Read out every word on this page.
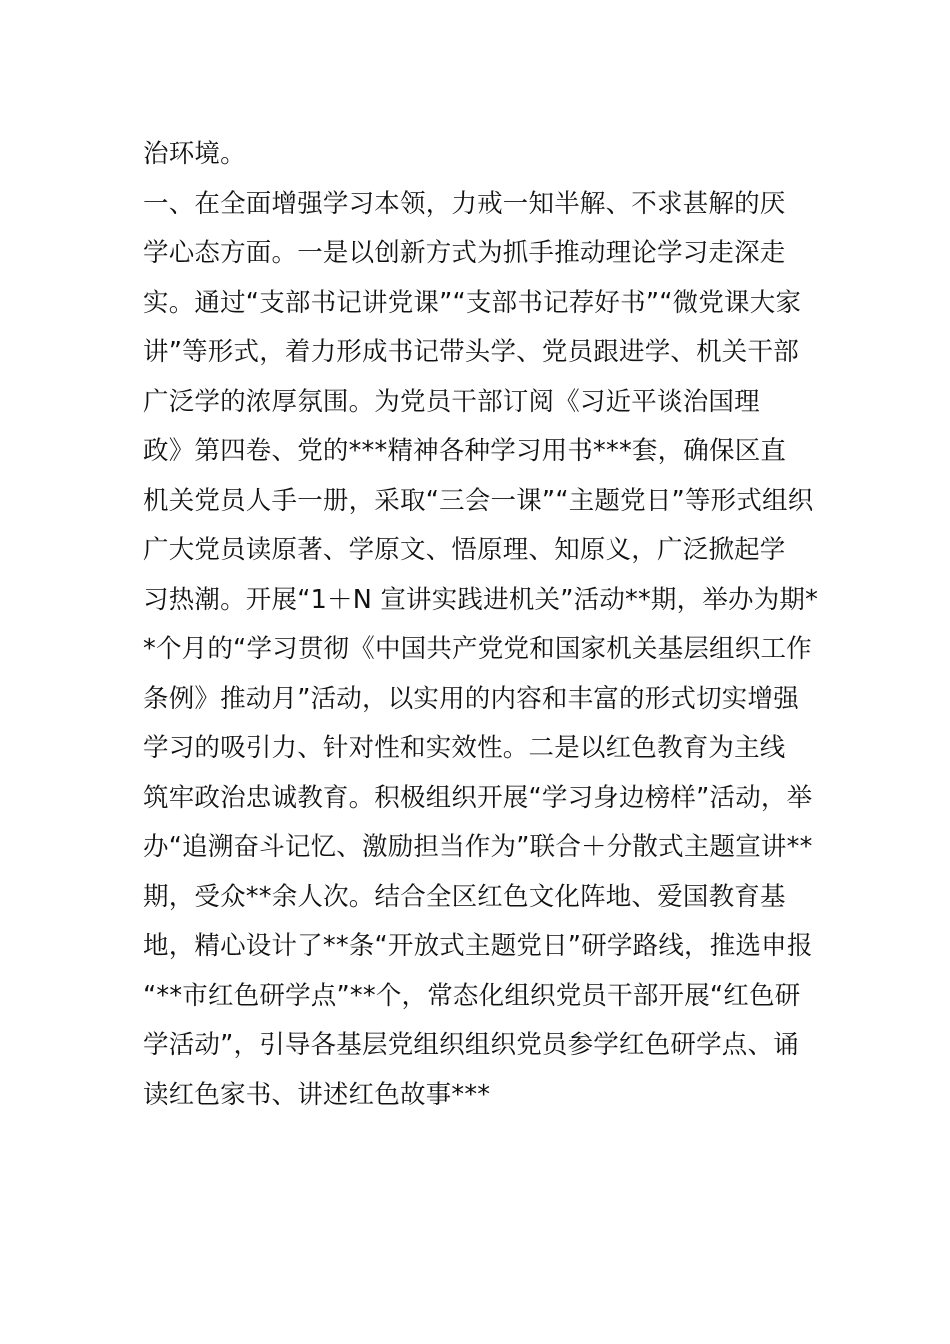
治环境。
一、在全面增强学习本领，力戒一知半解、不求甚解的厌
学心态方面。一是以创新方式为抓手推动理论学习走深走
实。通过“支部书记讲党课”“支部书记荐好书”“微党课大家
讲”等形式，着力形成书记带头学、党员跟进学、机关干部
广泛学的浓厚氛围。为党员干部订阅《习近平谈治国理
政》第四卷、党的***精神各种学习用书***套，确保区直
机关党员人手一册，采取“三会一课”“主题党日”等形式组织
广大党员读原著、学原文、悟原理、知原义，广泛掀起学
习热潮。开展“1＋N 宣讲实践进机关”活动**期，举办为期*
*个月的“学习贯彻《中国共产党党和国家机关基层组织工作
条例》推动月”活动，以实用的内容和丰富的形式切实增强
学习的吸引力、针对性和实效性。二是以红色教育为主线
筑牢政治忠诚教育。积极组织开展“学习身边榜样”活动，举
办“追溯奋斗记忆、激励担当作为”联合＋分散式主题宣讲**
期，受众**余人次。结合全区红色文化阵地、爱国教育基
地，精心设计了**条“开放式主题党日”研学路线，推选申报
“**市红色研学点”**个，常态化组织党员干部开展“红色研
学活动”，引导各基层党组织组织党员参学红色研学点、诵
读红色家书、讲述红色故事***
